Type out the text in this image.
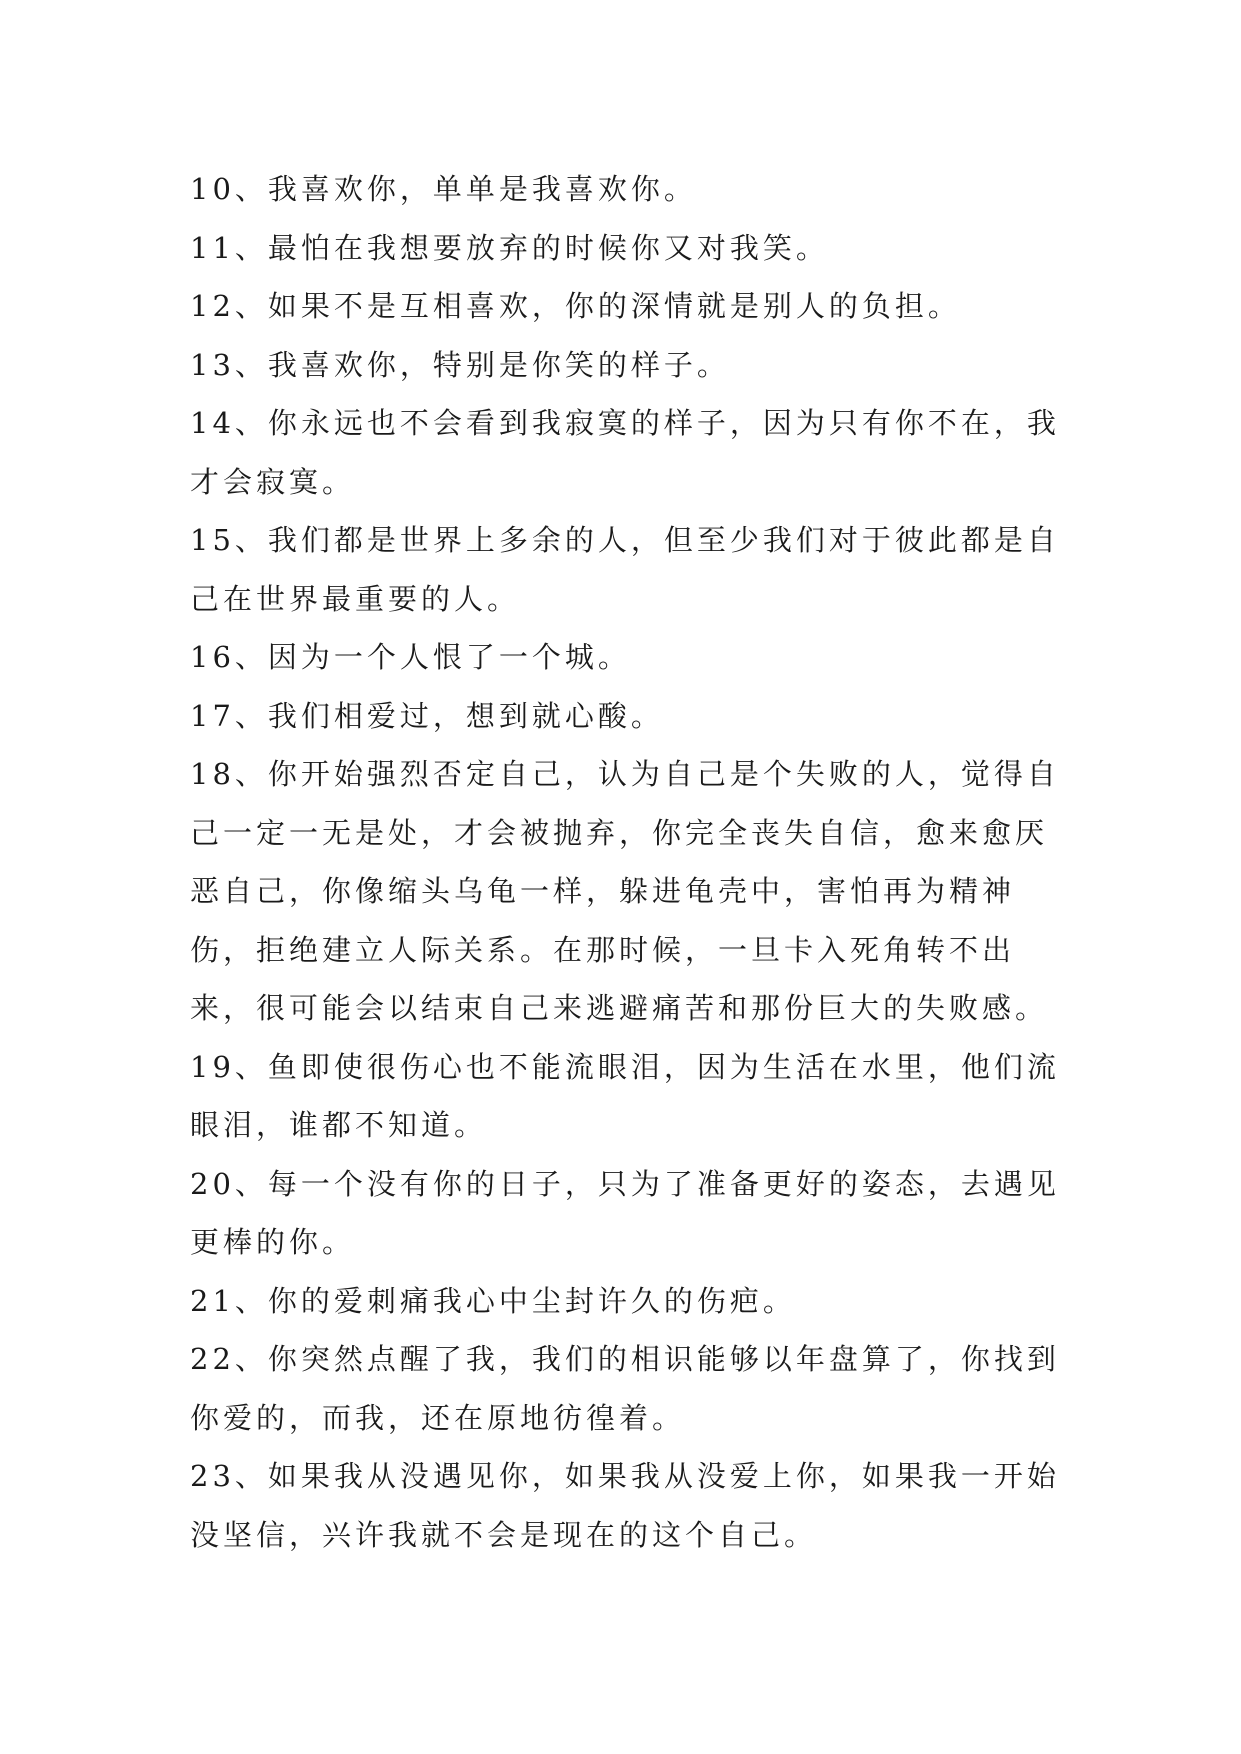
10、我喜欢你，单单是我喜欢你。

11、最怕在我想要放弃的时候你又对我笑。

12、如果不是互相喜欢，你的深情就是别人的负担。

13、我喜欢你，特别是你笑的样子。

14、你永远也不会看到我寂寞的样子，因为只有你不在，我才会寂寞。

15、我们都是世界上多余的人，但至少我们对于彼此都是自己在世界最重要的人。

16、因为一个人恨了一个城。

17、我们相爱过，想到就心酸。

18、你开始强烈否定自己，认为自己是个失败的人，觉得自己一定一无是处，才会被抛弃，你完全丧失自信，愈来愈厌恶自己，你像缩头乌龟一样，躲进龟壳中，害怕再为精神伤，拒绝建立人际关系。在那时候，一旦卡入死角转不出来，很可能会以结束自己来逃避痛苦和那份巨大的失败感。

19、鱼即使很伤心也不能流眼泪，因为生活在水里，他们流眼泪，谁都不知道。

20、每一个没有你的日子，只为了准备更好的姿态，去遇见更棒的你。

21、你的爱刺痛我心中尘封许久的伤疤。

22、你突然点醒了我，我们的相识能够以年盘算了，你找到你爱的，而我，还在原地彷徨着。

23、如果我从没遇见你，如果我从没爱上你，如果我一开始没坚信，兴许我就不会是现在的这个自己。
